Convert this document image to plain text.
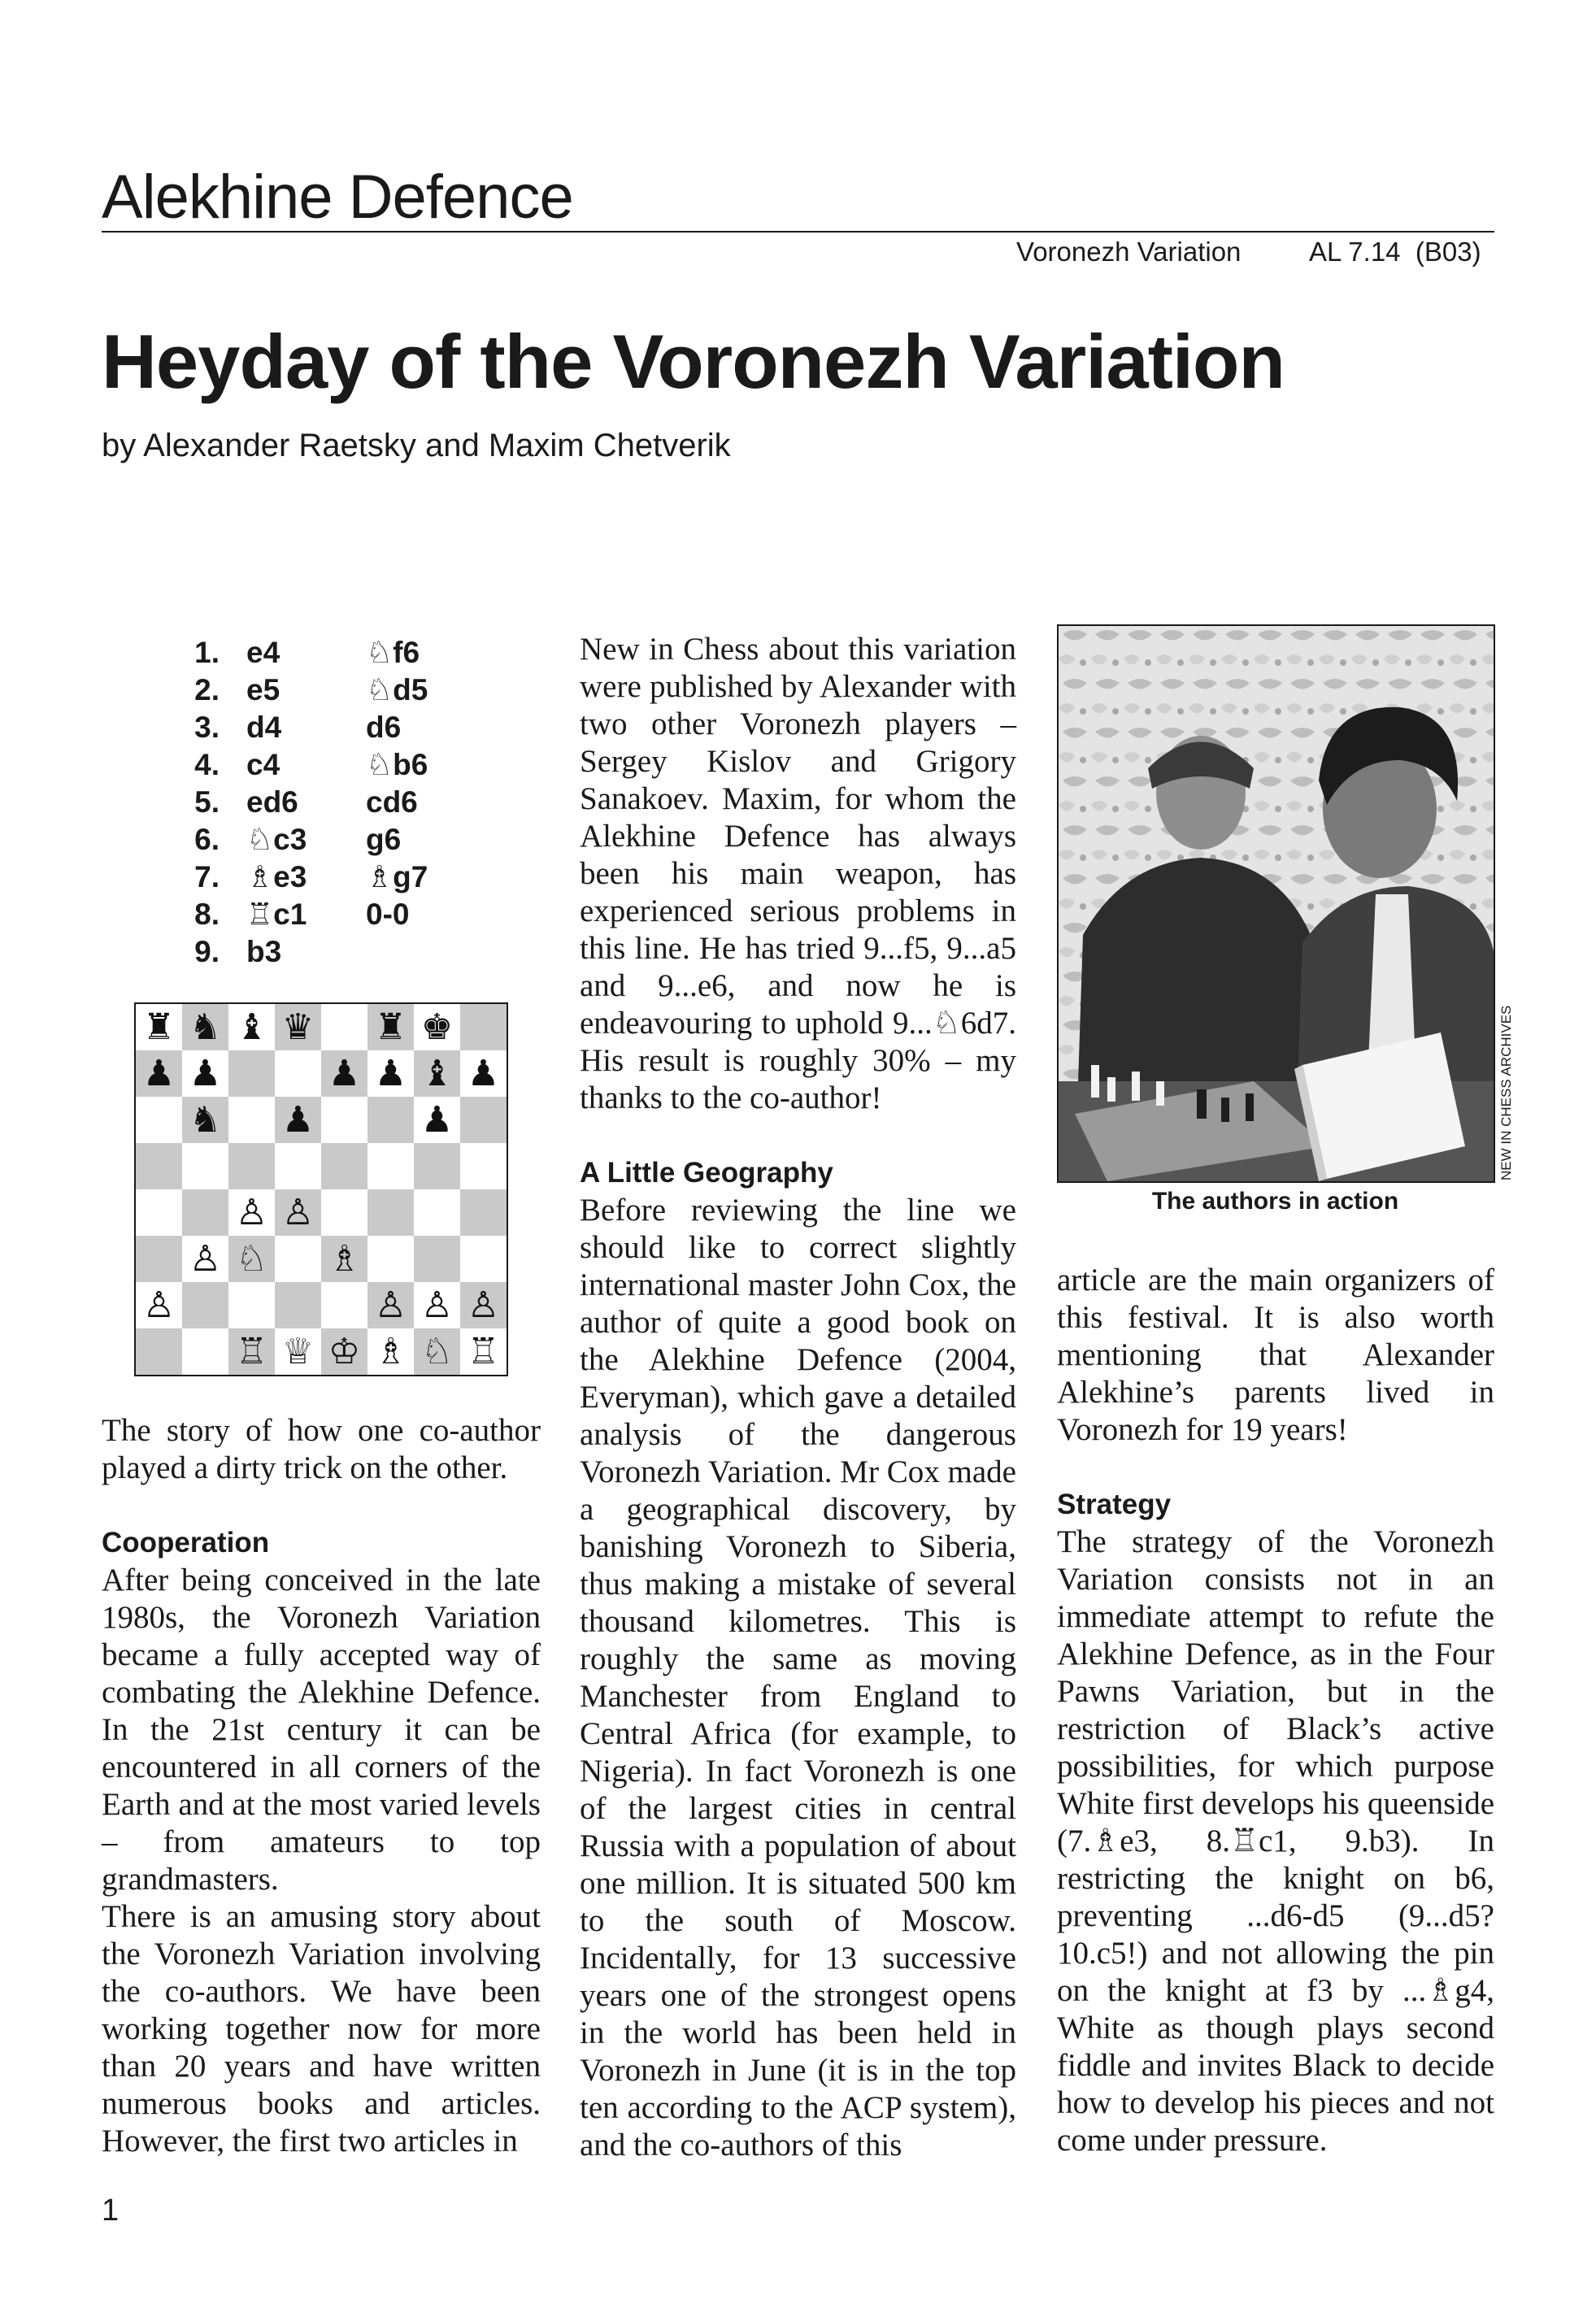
Alekhine Defence
Voronezh Variation	AL 7.14  (B03)
Heyday of the Voronezh Variation
by Alexander Raetsky and Maxim Chetverik
1. e4	♘f6
2. e5	♘d5
3. d4	d6
4. c4	♘b6
5. ed6 cd6
6. ♘c3 g6
7. ♗e3 ♗g7
8. ♖c1 0-0
9. b3
♜ ♞ ♝ ♛ ♜ ♚
♟ ♟	♟ ♟ ♝ ♟
♞ ♟	♟
♙ ♙
♙ ♘ ♗
♙	♙ ♙ ♙
♖ ♕ ♔ ♗ ♘ ♖

The story of how one co-author played a dirty trick on the other.

Cooperation

After being conceived in the late 1980s, the Voronezh Variation became a fully accepted way of combating the Alekhine Defence. In the 21st century it can be encountered in all corners of the Earth and at the most varied levels – from amateurs to top grandmasters.

There is an amusing story about the Voronezh Variation involving the co-authors. We have been working together now for more than 20 years and have written numerous books and articles. However, the first two articles in

New in Chess about this variation were published by Alexander with two other Voronezh players – Sergey Kislov and Grigory Sanakoev. Maxim, for whom the Alekhine Defence has always been his main weapon, has experienced serious problems in this line. He has tried 9...f5, 9...a5 and 9...e6, and now he is endeavouring to uphold 9...♘6d7. His result is roughly 30% – my thanks to the co-author!

A Little Geography

Before reviewing the line we should like to correct slightly international master John Cox, the author of quite a good book on the Alekhine Defence (2004, Everyman), which gave a detailed analysis of the dangerous Voronezh Variation. Mr Cox made a geographical discovery, by banishing Voronezh to Siberia, thus making a mistake of several thousand kilometres. This is roughly the same as moving Manchester from England to Central Africa (for example, to Nigeria). In fact Voronezh is one of the largest cities in central Russia with a population of about one million. It is situated 500 km to the south of Moscow. Incidentally, for 13 successive years one of the strongest opens in the world has been held in Voronezh in June (it is in the top ten according to the ACP system), and the co-authors of this

The authors in action
NEW IN CHESS ARCHIVES

article are the main organizers of this festival. It is also worth mentioning that Alexander Alekhine’s parents lived in Voronezh for 19 years!

Strategy

The strategy of the Voronezh Variation consists not in an immediate attempt to refute the Alekhine Defence, as in the Four Pawns Variation, but in the restriction of Black’s active possibilities, for which purpose White first develops his queenside (7.♗e3, 8.♖c1, 9.b3). In restricting the knight on b6, preventing ...d6-d5 (9...d5? 10.c5!) and not allowing the pin on the knight at f3 by ...♗g4, White as though plays second fiddle and invites Black to decide how to develop his pieces and not come under pressure.

1
